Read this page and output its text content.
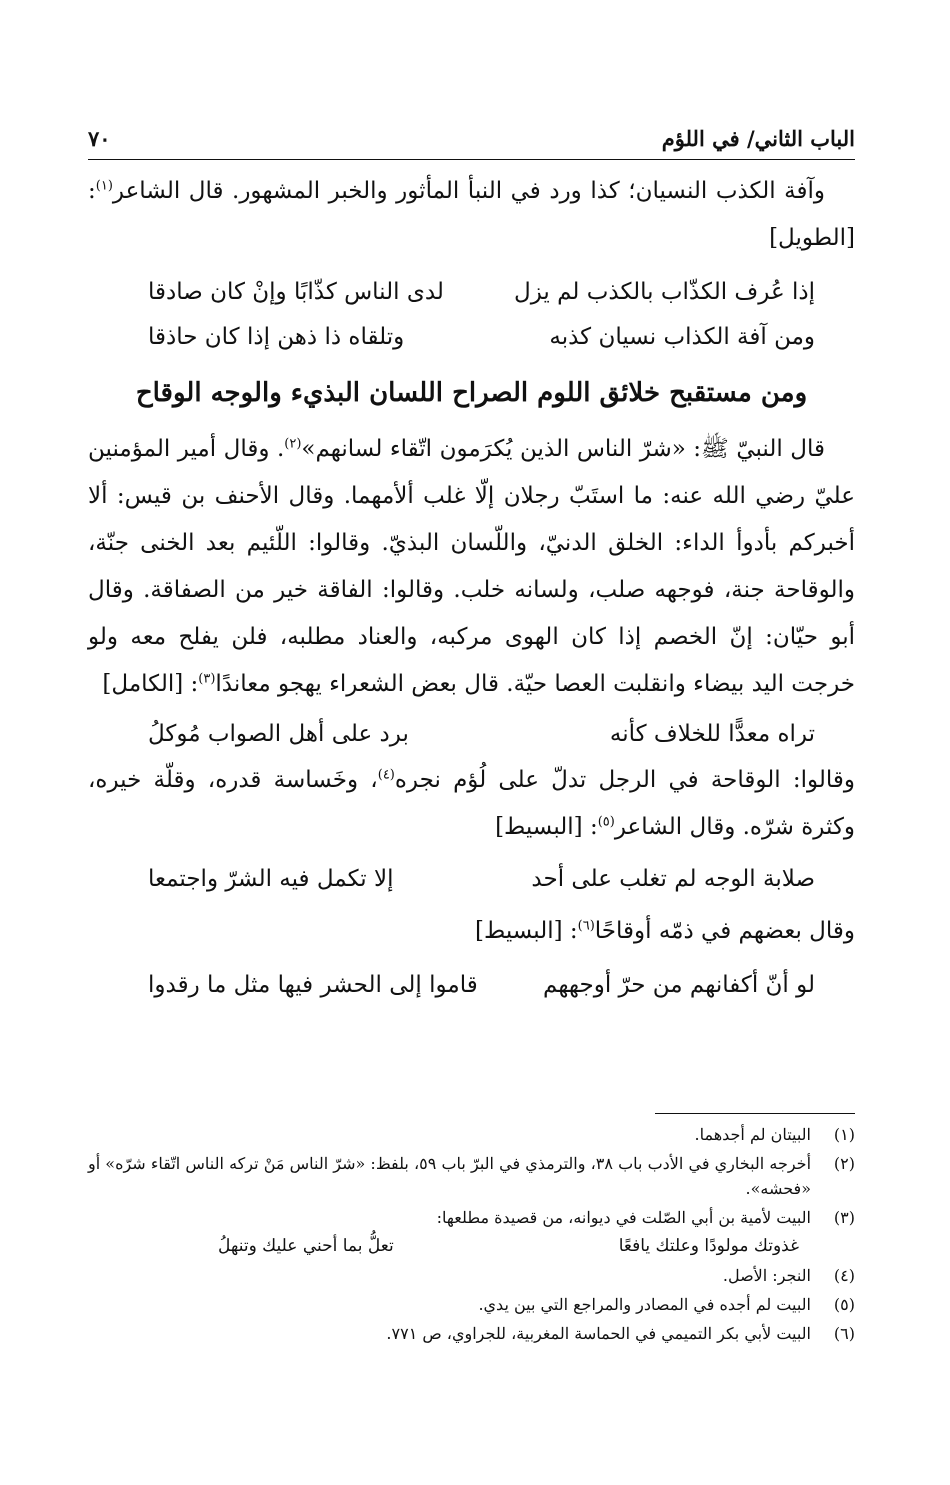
الباب الثاني/ في اللؤم
٧٠

وآفة الكذب النسيان؛ كذا ورد في النبأ المأثور والخبر المشهور. قال الشاعر$^{(١)}$: [الطويل]

إذا عُرف الكذّاب بالكذب لم يزل
لدى الناس كذّابًا وإنْ كان صادقا
ومن آفة الكذاب نسيان كذبه
وتلقاه ذا ذهن إذا كان حاذقا
ومن مستقبح خلائق اللوم الصراح اللسان البذيء والوجه الوقاح

قال النبيّ ﷺ: «شرّ الناس الذين يُكرَمون اتّقاء لسانهم»$^{(٢)}$. وقال أمير المؤمنين عليّ رضي الله عنه: ما استَبّ رجلان إلّا غلب ألأمهما. وقال الأحنف بن قيس: ألا أخبركم بأدوأ الداء: الخلق الدنيّ، واللّسان البذيّ. وقالوا: اللّئيم بعد الخنى جنّة، والوقاحة جنة، فوجهه صلب، ولسانه خلب. وقالوا: الفاقة خير من الصفاقة. وقال أبو حيّان: إنّ الخصم إذا كان الهوى مركبه، والعناد مطلبه، فلن يفلح معه ولو خرجت اليد بيضاء وانقلبت العصا حيّة. قال بعض الشعراء يهجو معاندًا$^{(٣)}$: [الكامل]

تراه معدًّا للخلاف كأنه
برد على أهل الصواب مُوكلُ

وقالوا: الوقاحة في الرجل تدلّ على لُؤم نجره$^{(٤)}$، وخَساسة قدره، وقلّة خيره، وكثرة شرّه. وقال الشاعر$^{(٥)}$: [البسيط]

صلابة الوجه لم تغلب على أحد
إلا تكمل فيه الشرّ واجتمعا

وقال بعضهم في ذمّه أوقاحًا$^{(٦)}$: [البسيط]

لو أنّ أكفانهم من حرّ أوجههم
قاموا إلى الحشر فيها مثل ما رقدوا
(١)
البيتان لم أجدهما.
(٢)
أخرجه البخاري في الأدب باب ٣٨، والترمذي في البرّ باب ٥٩، بلفظ: «شرّ الناس مَنْ تركه الناس اتّقاء شرّه» أو «فحشه».
(٣)
البيت لأمية بن أبي الصّلت في ديوانه، من قصيدة مطلعها:
غذوتك مولودًا وعلتك يافعًا
تعلُّ بما أحني عليك وتنهلُ
(٤)
النجر: الأصل.
(٥)
البيت لم أجده في المصادر والمراجع التي بين يدي.
(٦)
البيت لأبي بكر التميمي في الحماسة المغربية، للجراوي، ص ٧٧١.
